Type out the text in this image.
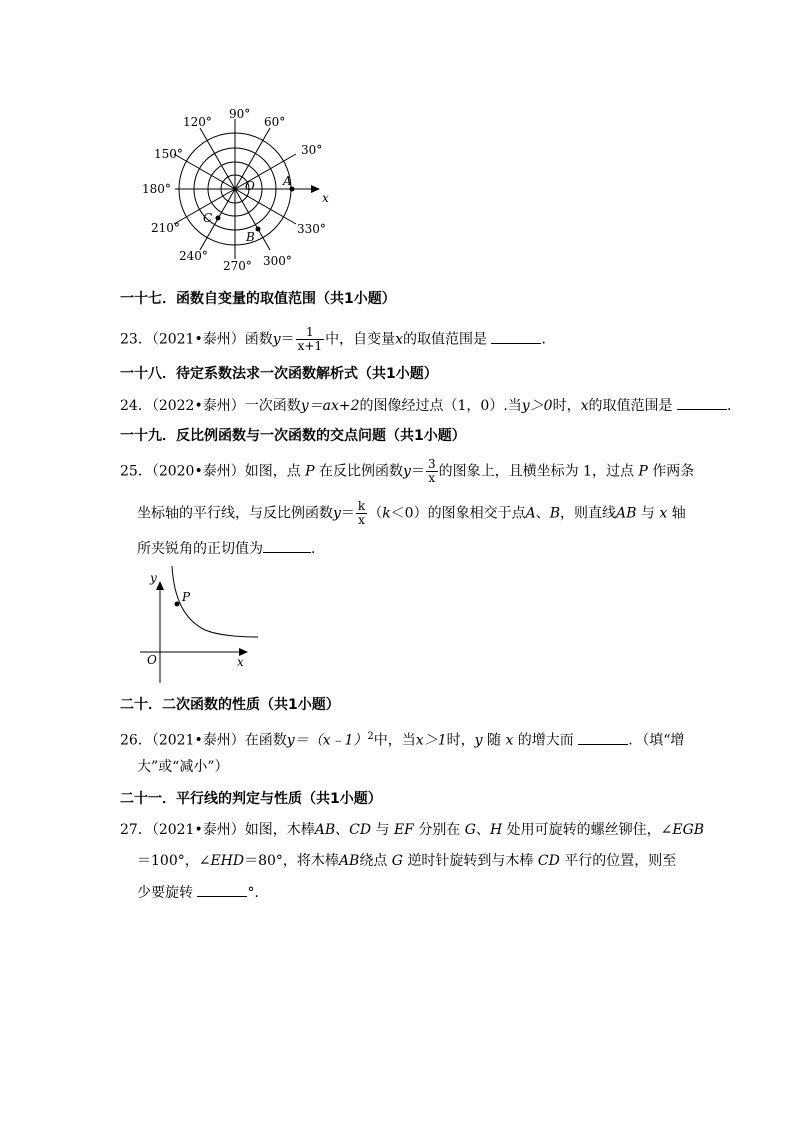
90°
60°
30°
120°
150°
180°
210°
240°
270° 300°
330°
O
x
A
B
C
一十七．函数自变量的取值范围（共1小题）
23．（2021•泰州）函数$y= \frac{1}{x+1}$ 中，自变量x的取值范围是	．
一十八．待定系数法求一次函数解析式（共1小题）
24．（2022•泰州）一次函数y＝ax+2的图像经过点（1，0）.当y＞0时，x的取值范围是	．
一十九．反比例函数与一次函数的交点问题（共1小题）
25．（2020•泰州）如图，点 P 在反比例函数$y= \frac{3}{x}$ 的图象上，且横坐标为 1，过点 P 作两条
坐标轴的平行线，与反比例函数$y= \frac{k}{x} (k<0)$的图象相交于点A、B，则直线AB 与 x 轴
所夹锐角的正切值为	．
y
x
O
P
二十．二次函数的性质（共1小题）
26．（2021•泰州）在函数y＝（x﹣1）$^2$中，当x＞1时，y 随 x 的增大而	．（填“增
大”或“减小”）
二十一．平行线的判定与性质（共1小题）
27．（2021•泰州）如图，木棒AB、CD 与 EF 分别在 G、H 处用可旋转的螺丝铆住，∠EGB
＝100°，∠EHD＝80°，将木棒AB绕点 G 逆时针旋转到与木棒 CD 平行的位置，则至
少要旋转	°．
